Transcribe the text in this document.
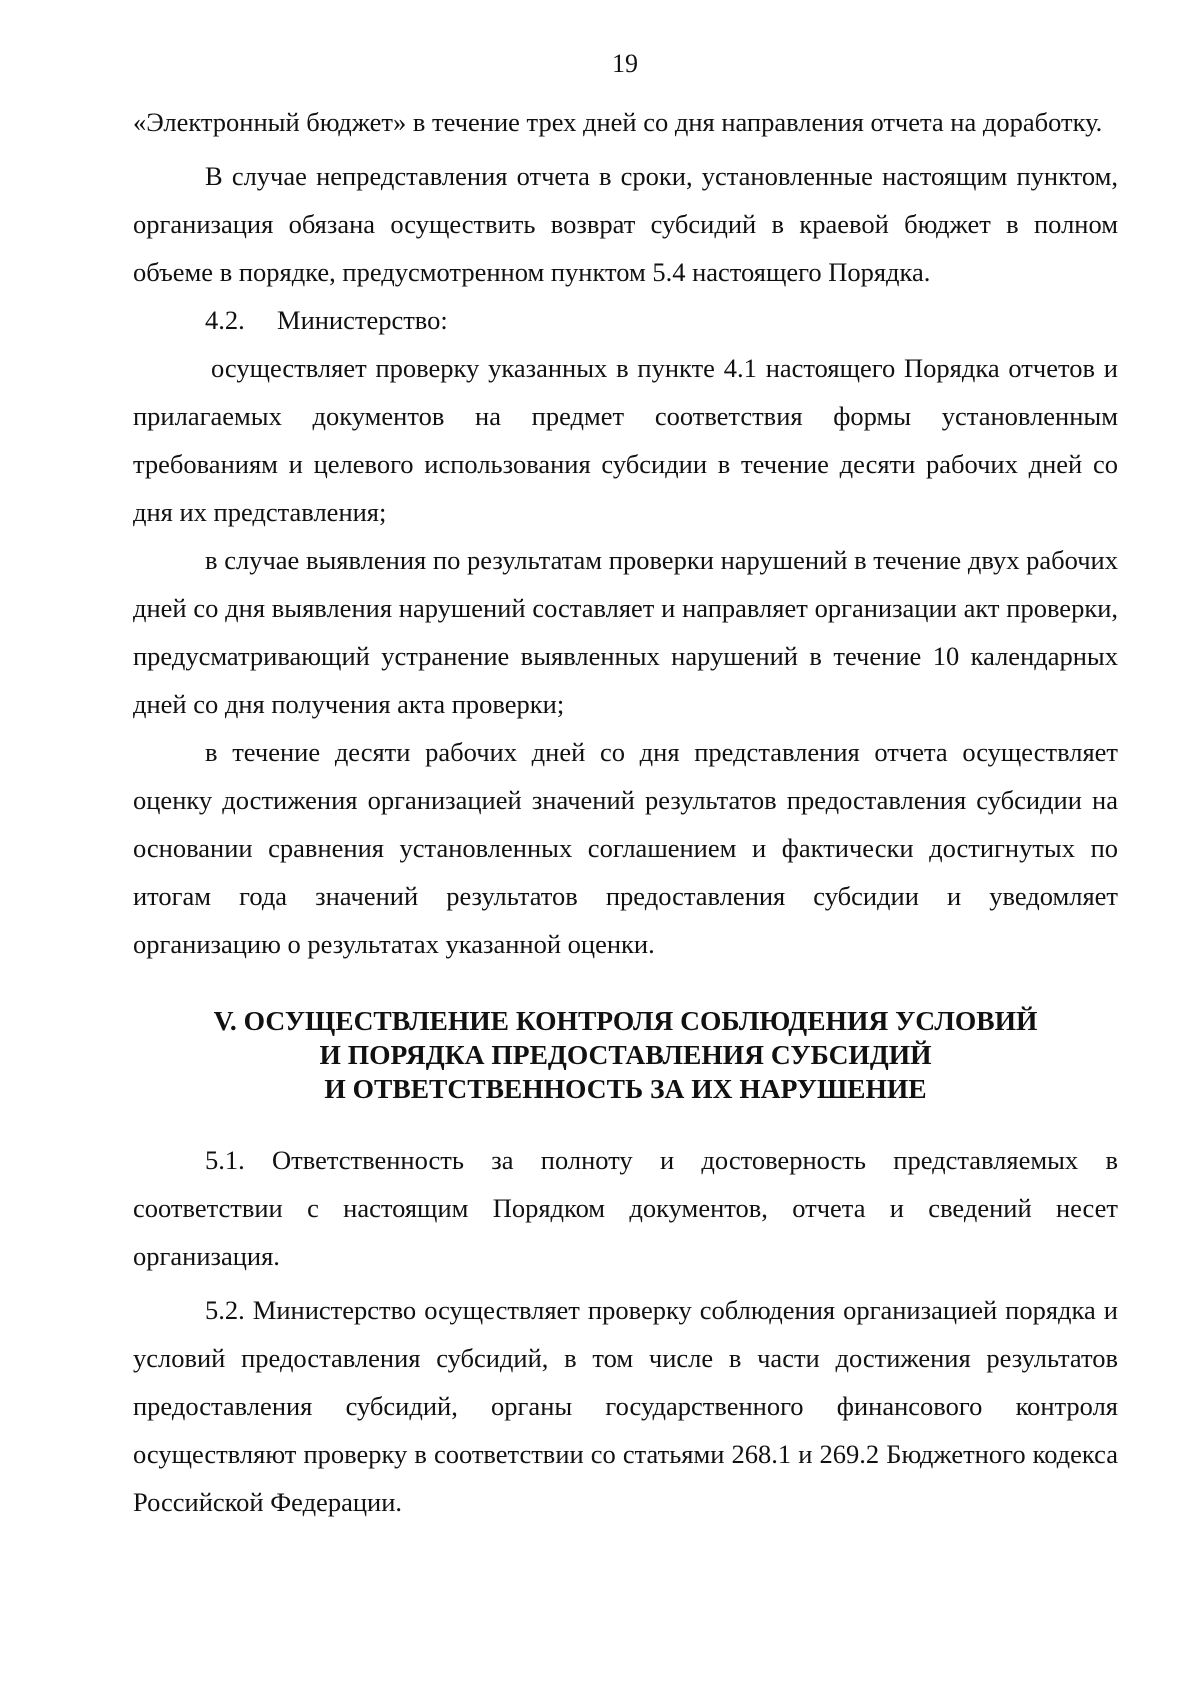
19

«Электронный бюджет» в течение трех дней со дня направления отчета на доработку.

В случае непредставления отчета в сроки, установленные настоящим пунктом, организация обязана осуществить возврат субсидий в краевой бюджет в полном объеме в порядке, предусмотренном пунктом 5.4 настоящего Порядка.

4.2. Министерство:

осуществляет проверку указанных в пункте 4.1 настоящего Порядка отчетов и прилагаемых документов на предмет соответствия формы установленным требованиям и целевого использования субсидии в течение десяти рабочих дней со дня их представления;

в случае выявления по результатам проверки нарушений в течение двух рабочих дней со дня выявления нарушений составляет и направляет организации акт проверки, предусматривающий устранение выявленных нарушений в течение 10 календарных дней со дня получения акта проверки;

в течение десяти рабочих дней со дня представления отчета осуществляет оценку достижения организацией значений результатов предоставления субсидии на основании сравнения установленных соглашением и фактически достигнутых по итогам года значений результатов предоставления субсидии и уведомляет организацию о результатах указанной оценки.

V. ОСУЩЕСТВЛЕНИЕ КОНТРОЛЯ СОБЛЮДЕНИЯ УСЛОВИЙ
И ПОРЯДКА ПРЕДОСТАВЛЕНИЯ СУБСИДИЙ
И ОТВЕТСТВЕННОСТЬ ЗА ИХ НАРУШЕНИЕ

5.1. Ответственность за полноту и достоверность представляемых в соответствии с настоящим Порядком документов, отчета и сведений несет организация.

5.2. Министерство осуществляет проверку соблюдения организацией порядка и условий предоставления субсидий, в том числе в части достижения результатов предоставления субсидий, органы государственного финансового контроля осуществляют проверку в соответствии со статьями 268.1 и 269.2 Бюджетного кодекса Российской Федерации.
